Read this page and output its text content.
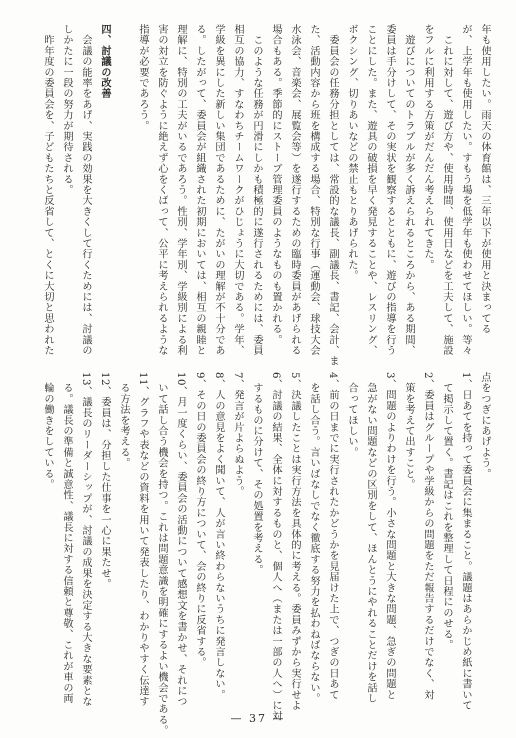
年も使用したい。雨天の体育館は、三年以下が使用と決まってる

が、上学年も使用したい。すもう場を低学年も使わせてほしい。等々

　これに対して、遊び方や、使用時間、使用日などを工夫して、施設

をフルに利用する方策がだんだん考えられてきた。

　遊びについてのトラブルが多く訴えられるところから、ある期間、

委員は手分けして、その実状を観察するとともに、遊びの指導を行う

ことにした。また、遊具の破損を早く発見することや、レスリング、

ボクシング、切りあいなどの禁止もとりあげられた。

　委員会の任務分担としては、常設的な議長、副議長、書記、会計、ま

た、活動内容から班を構成する場合、特別な行事（運動会、球技大会

水泳会、音楽会、展覧会等）を遂行するための臨時委員があげられる

場合もある。季節的にストーブ管理委員のようなものも置かれる。

　このような任務が円滑にしかも積極的に遂行されるためには、委員

相互の協力、すなわちチームワークがひじょうに大切である。学年、

学級を異にした新しい集団であるために、たがいの理解が不十分であ

る。したがって、委員会が組織された初期においては、相互の親睦と

理解に、特別の工夫がいるであろう。性別、学年別、学級別による利

害の対立を防ぐように絶えず心をくばって、公平に考えられるような

指導が必要であろう。

四、討議の改善

　会議の能率をあげ、実践の効果を大きくして行くためには、討議の

しかたに一段の努力が期待される。

　昨年度の委員会を、子どもたちと反省して、とくに大切と思われた

点をつぎにあげよう。

1、日あてを持って委員会に集まること。議題はあらかじめ紙に書いて

　て掲示して置く。書記はこれを整理して日程にのせる。

2、委員はグループや学級からの問題をただ報告するだけでなく、対

　策を考えて出すこと。

3、問題のよりわけを行う。小さな問題と大きな問題、急ぎの問題と

　急がない問題などの区別をして、ほんとうにやれることだけを話し

　合ってほしい。

4、前の日までに実行されたかどうかを見届けた上で、つぎの日あて

　を話し合う。言いばなしでなく徹底する努力を払わねばならない。

5、決議したことは実行方法を具体的に考える。委員みずから実行せよ

6、討議の結果、全体に対するものと、個人へ（または一部の人へ）に対

　するものに分けて、その処置を考える。

7、発言が片よらぬよう。

8、人の意見をよく聞いて、人が言い終わらないうちに発言しない。

9、その日の委員会の終り方について、会の終りに反省する。

10、月一度くらい、委員会の活動について感想文を書かせ、それにつ

　いて話し合う機会を持つ。これは問題意識を明確にするよい機会である。

11、グラフや表などの資料を用いて発表したり、わかりやすく伝達す

　る方法を考える。

12、委員は、分担した仕事を一心に果たせ。

13、議長のリーダーシップが、討議の成果を決定する大きな要素とな

　る。議長の準備と誠意性、議長に対する信頼と尊敬、これが車の両

　輪の働きをしている。

— 37 —
